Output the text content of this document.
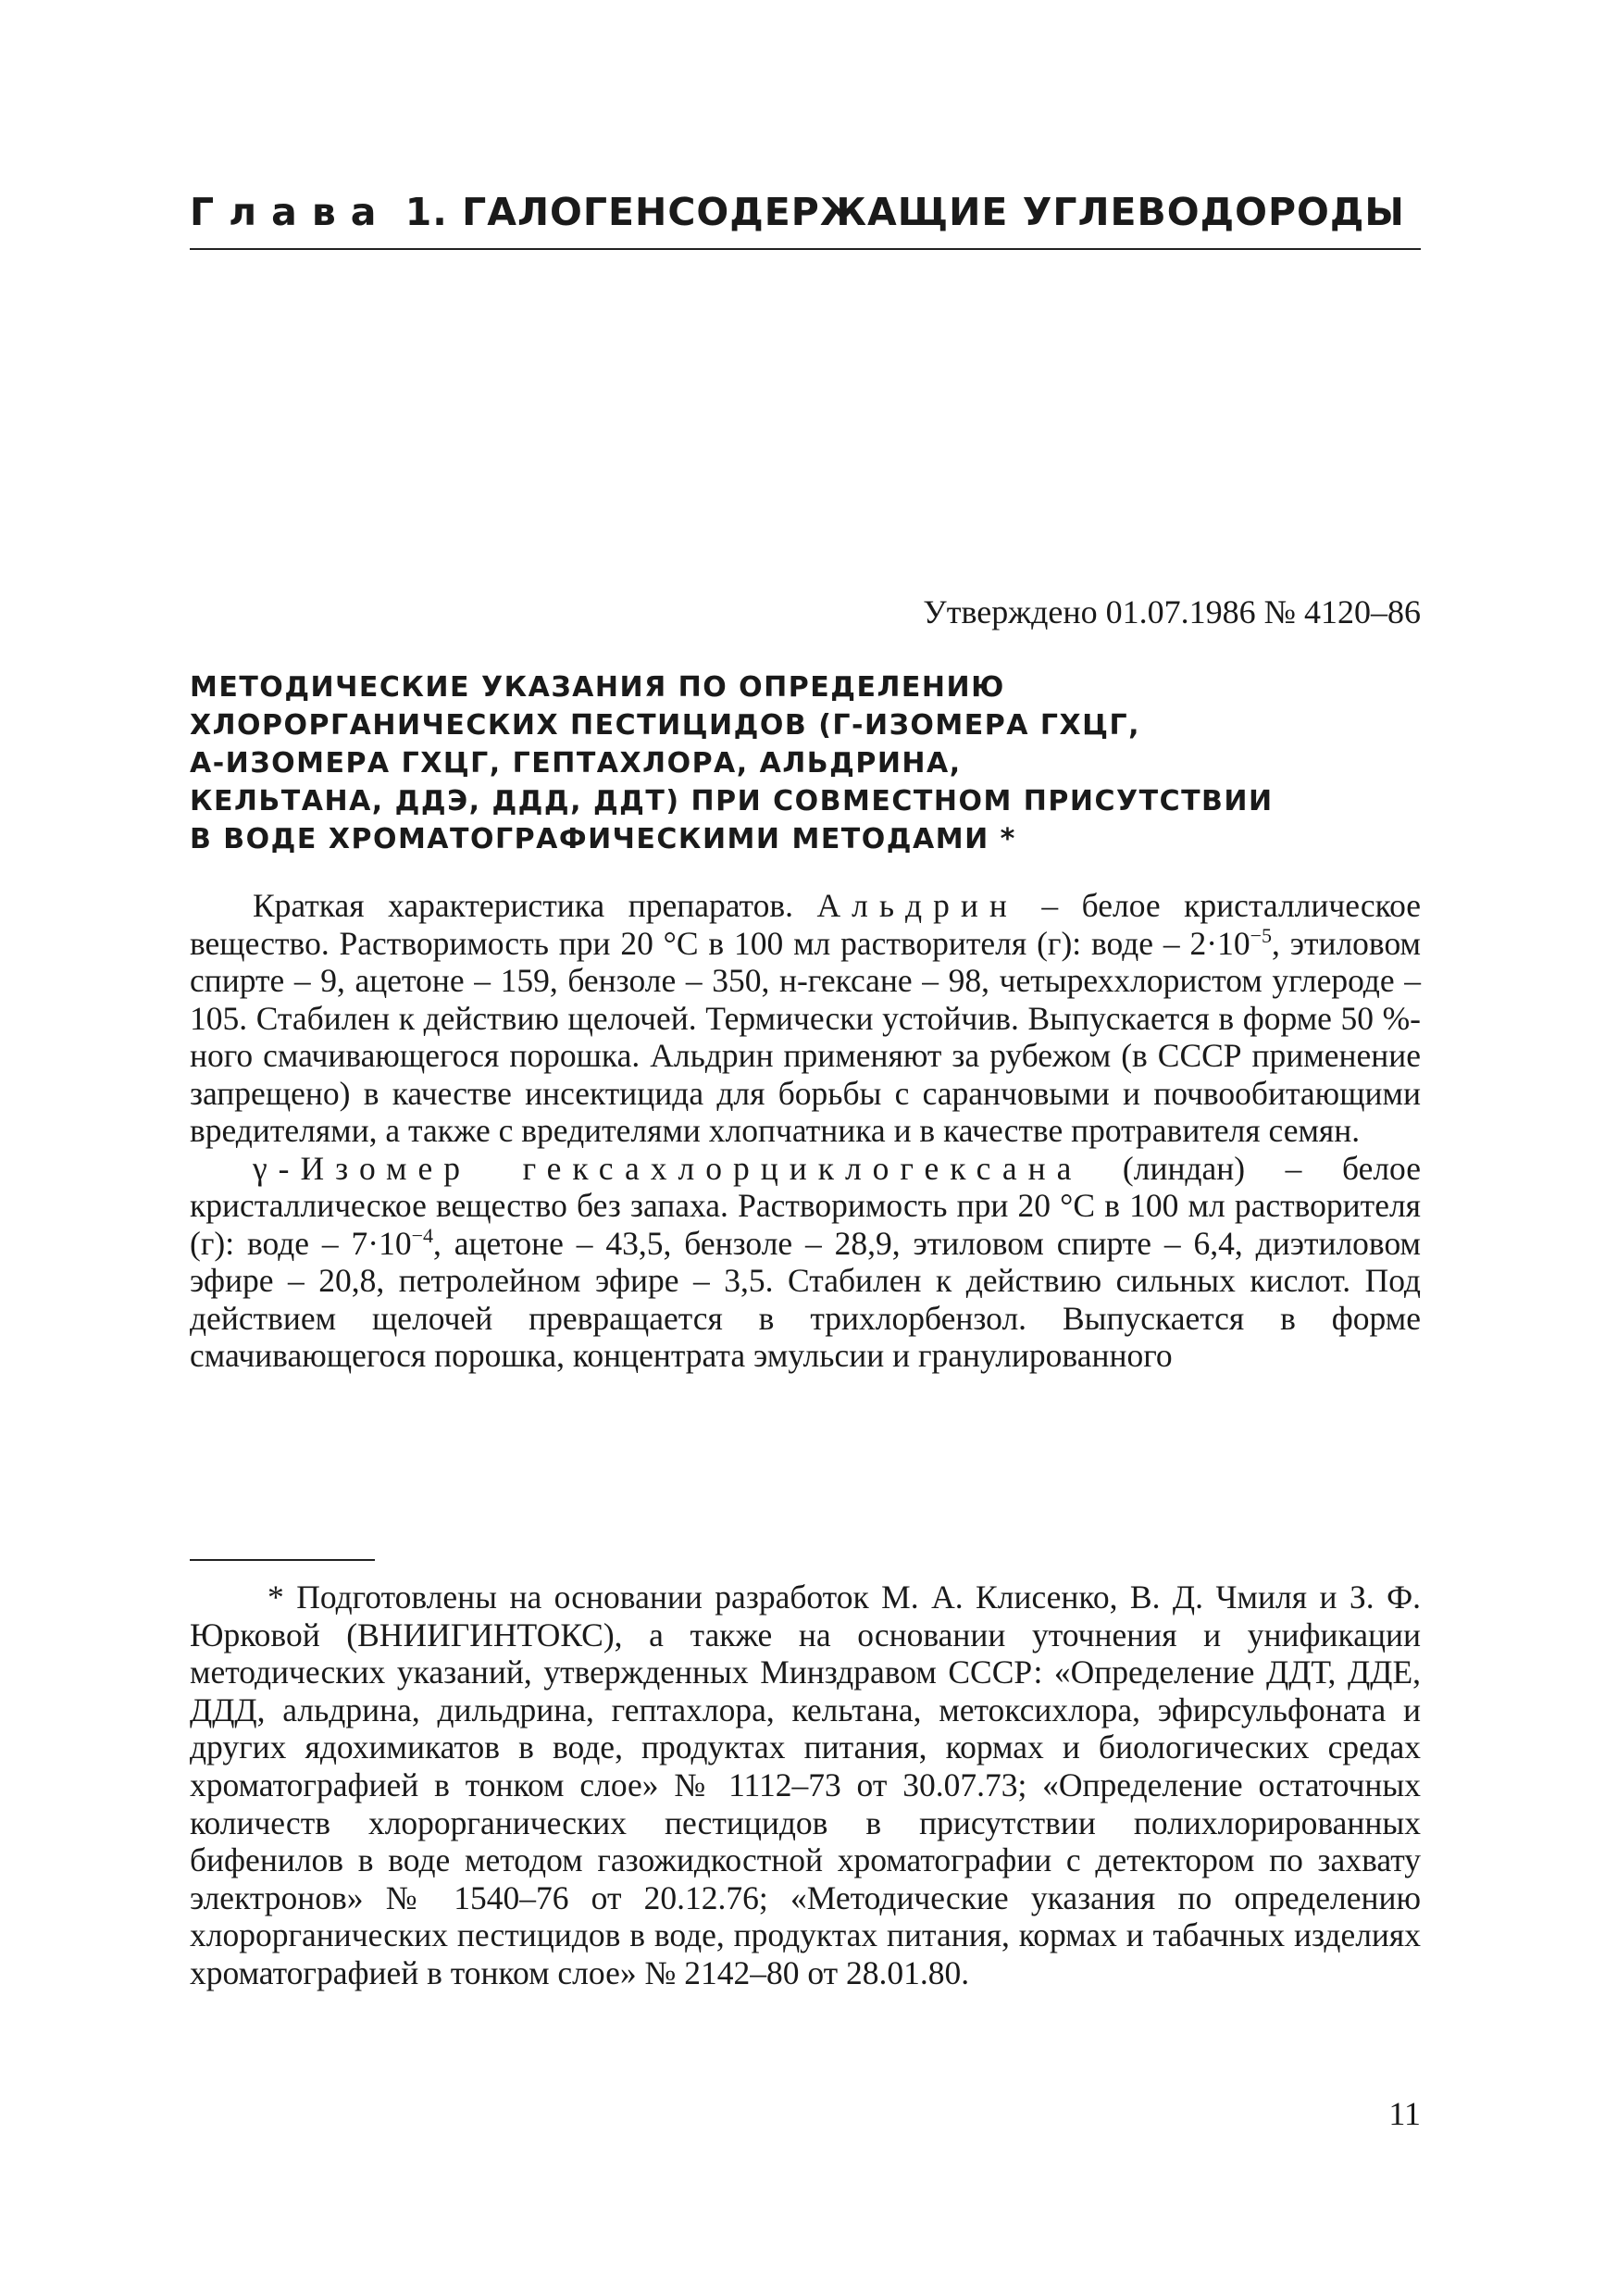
Глава 1. ГАЛОГЕНСОДЕРЖАЩИЕ УГЛЕВОДОРОДЫ
Утверждено 01.07.1986 № 4120–86
МЕТОДИЧЕСКИЕ УКАЗАНИЯ ПО ОПРЕДЕЛЕНИЮ
ХЛОРОРГАНИЧЕСКИХ ПЕСТИЦИДОВ (Γ-ИЗОМЕРА ГХЦГ,
Α-ИЗОМЕРА ГХЦГ, ГЕПТАХЛОРА, АЛЬДРИНА,
КЕЛЬТАНА, ДДЭ, ДДД, ДДТ) ПРИ СОВМЕСТНОМ ПРИСУТСТВИИ
В ВОДЕ ХРОМАТОГРАФИЧЕСКИМИ МЕТОДАМИ *

Краткая характеристика препаратов. Альдрин – белое кристаллическое вещество. Растворимость при 20 °С в 100 мл растворителя (г): воде – $2\cdot 10^{-5}$, этиловом спирте – 9, ацетоне – 159, бензоле – 350, н-гексане – 98, четыреххлористом углероде – 105. Стабилен к действию щелочей. Термически устойчив. Выпускается в форме 50 %-ного смачивающегося порошка. Альдрин применяют за рубежом (в СССР применение запрещено) в качестве инсектицида для борьбы с саранчовыми и почвообитающими вредителями, а также с вредителями хлопчатника и в качестве протравителя семян.

γ-Изомер гексахлорциклогексана (линдан) – белое кристаллическое вещество без запаха. Растворимость при 20 °С в 100 мл растворителя (г): воде – $7\cdot 10^{-4}$, ацетоне – 43,5, бензоле – 28,9, этиловом спирте – 6,4, диэтиловом эфире – 20,8, петролейном эфире – 3,5. Стабилен к действию сильных кислот. Под действием щелочей превращается в трихлорбензол. Выпускается в форме смачивающегося порошка, концентрата эмульсии и гранулированного

* Подготовлены на основании разработок М. А. Клисенко, В. Д. Чмиля и З. Ф. Юрковой (ВНИИГИНТОКС), а также на основании уточнения и унификации методических указаний, утвержденных Минздравом СССР: «Определение ДДТ, ДДЕ, ДДД, альдрина, дильдрина, гептахлора, кельтана, метоксихлора, эфирсульфоната и других ядохимикатов в воде, продуктах питания, кормах и биологических средах хроматографией в тонком слое» № 1112–73 от 30.07.73; «Определение остаточных количеств хлорорганических пестицидов в присутствии полихлорированных бифенилов в воде методом газожидкостной хроматографии с детектором по захвату электронов» № 1540–76 от 20.12.76; «Методические указания по определению хлорорганических пестицидов в воде, продуктах питания, кормах и табачных изделиях хроматографией в тонком слое» № 2142–80 от 28.01.80.

11
